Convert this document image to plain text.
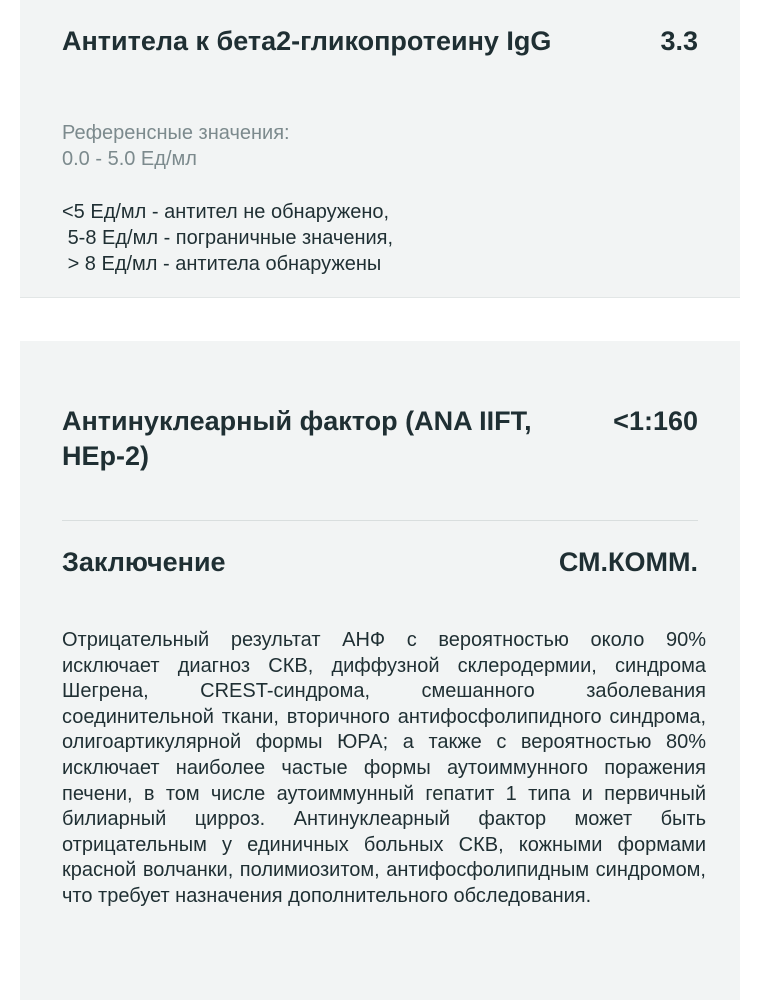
Антитела к бета2-гликопротеину IgG	3.3
Референсные значения:
0.0 - 5.0 Ед/мл
<5 Ед/мл - антител не обнаружено,
5-8 Ед/мл - пограничные значения,
> 8 Ед/мл - антитела обнаружены
Антинуклеарный фактор (ANA IIFT, HEp-2)
<1:160
Заключение	СМ.КОММ.
Отрицательный результат АНФ с вероятностью около 90% исключает диагноз СКВ, диффузной склеродермии, синдрома Шегрена, CREST-синдрома, смешанного заболевания соединительной ткани, вторичного антифосфолипидного синдрома, олигоартикулярной формы ЮРА; а также с вероятностью 80% исключает наиболее частые формы аутоиммунного поражения печени, в том числе аутоиммунный гепатит 1 типа и первичный билиарный цирроз. Антинуклеарный фактор может быть отрицательным у единичных больных СКВ, кожными формами красной волчанки, полимиозитом, антифосфолипидным синдромом, что требует назначения дополнительного обследования.
